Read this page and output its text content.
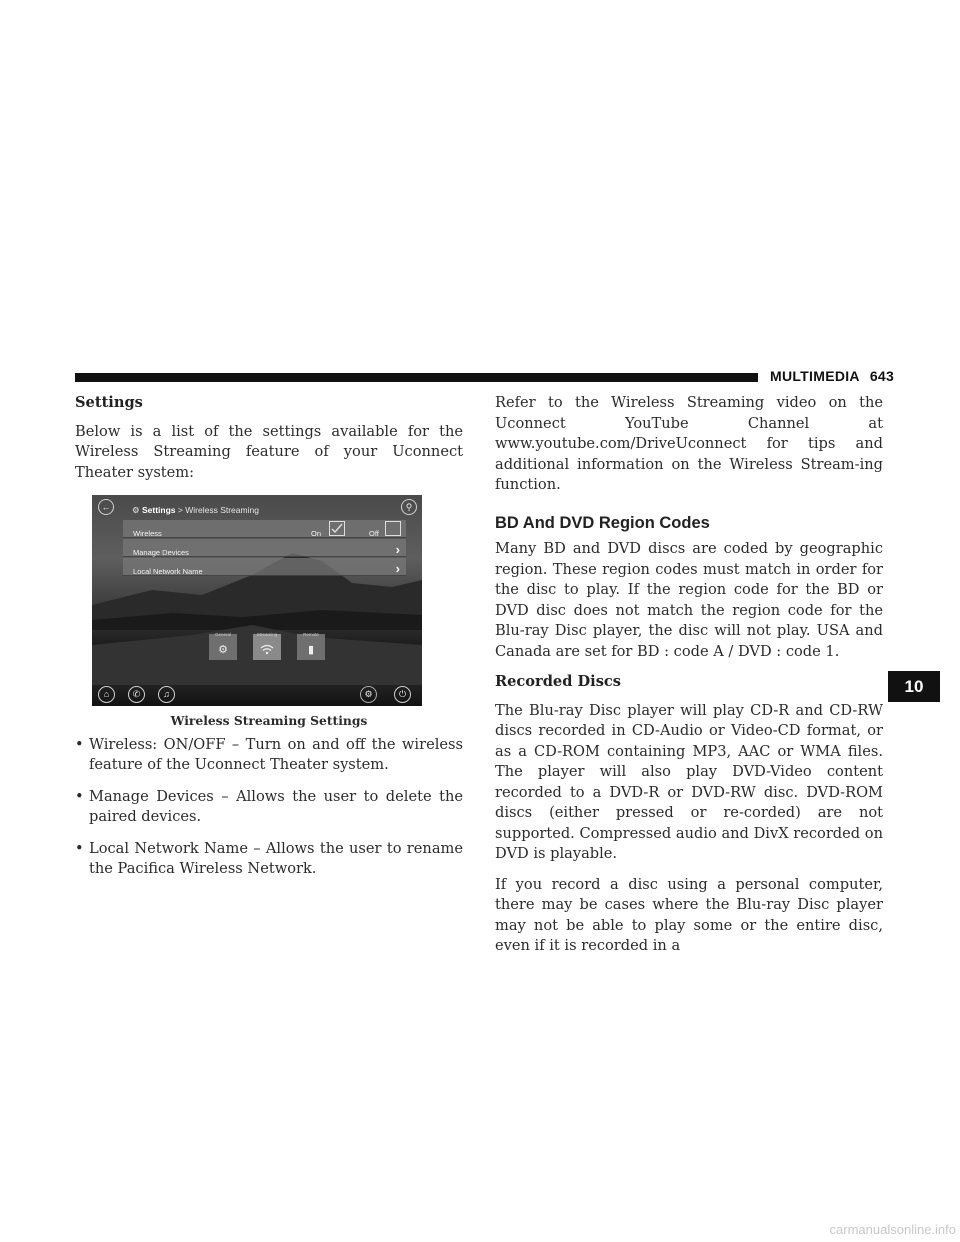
MULTIMEDIA 643
Settings

Below is a list of the settings available for the Wireless Streaming feature of your Uconnect Theater system:

←	⚙ Settings > Wireless Streaming	⚲
Wireless	On	Off
Manage Devices	›
Local Network Name	›
General
⚙
Streaming	Remote
▮
⌂	✆	♫	⚙	⏻
Wireless Streaming Settings
• Wireless: ON/OFF – Turn on and off the wireless feature of the Uconnect Theater system.
• Manage Devices – Allows the user to delete the paired devices.
• Local Network Name – Allows the user to rename the Pacifica Wireless Network.

Refer to the Wireless Streaming video on the Uconnect YouTube Channel at www.youtube.com/DriveUconnect for tips and additional information on the Wireless Stream-ing function.

BD And DVD Region Codes

Many BD and DVD discs are coded by geographic region. These region codes must match in order for the disc to play. If the region code for the BD or DVD disc does not match the region code for the Blu-ray Disc player, the disc will not play. USA and Canada are set for BD : code A / DVD : code 1.

Recorded Discs

The Blu-ray Disc player will play CD-R and CD-RW discs recorded in CD-Audio or Video-CD format, or as a CD-ROM containing MP3, AAC or WMA files. The player will also play DVD-Video content recorded to a DVD-R or DVD-RW disc. DVD-ROM discs (either pressed or re-corded) are not supported. Compressed audio and DivX recorded on DVD is playable.

If you record a disc using a personal computer, there may be cases where the Blu-ray Disc player may not be able to play some or the entire disc, even if it is recorded in a

10
carmanualsonline.info
